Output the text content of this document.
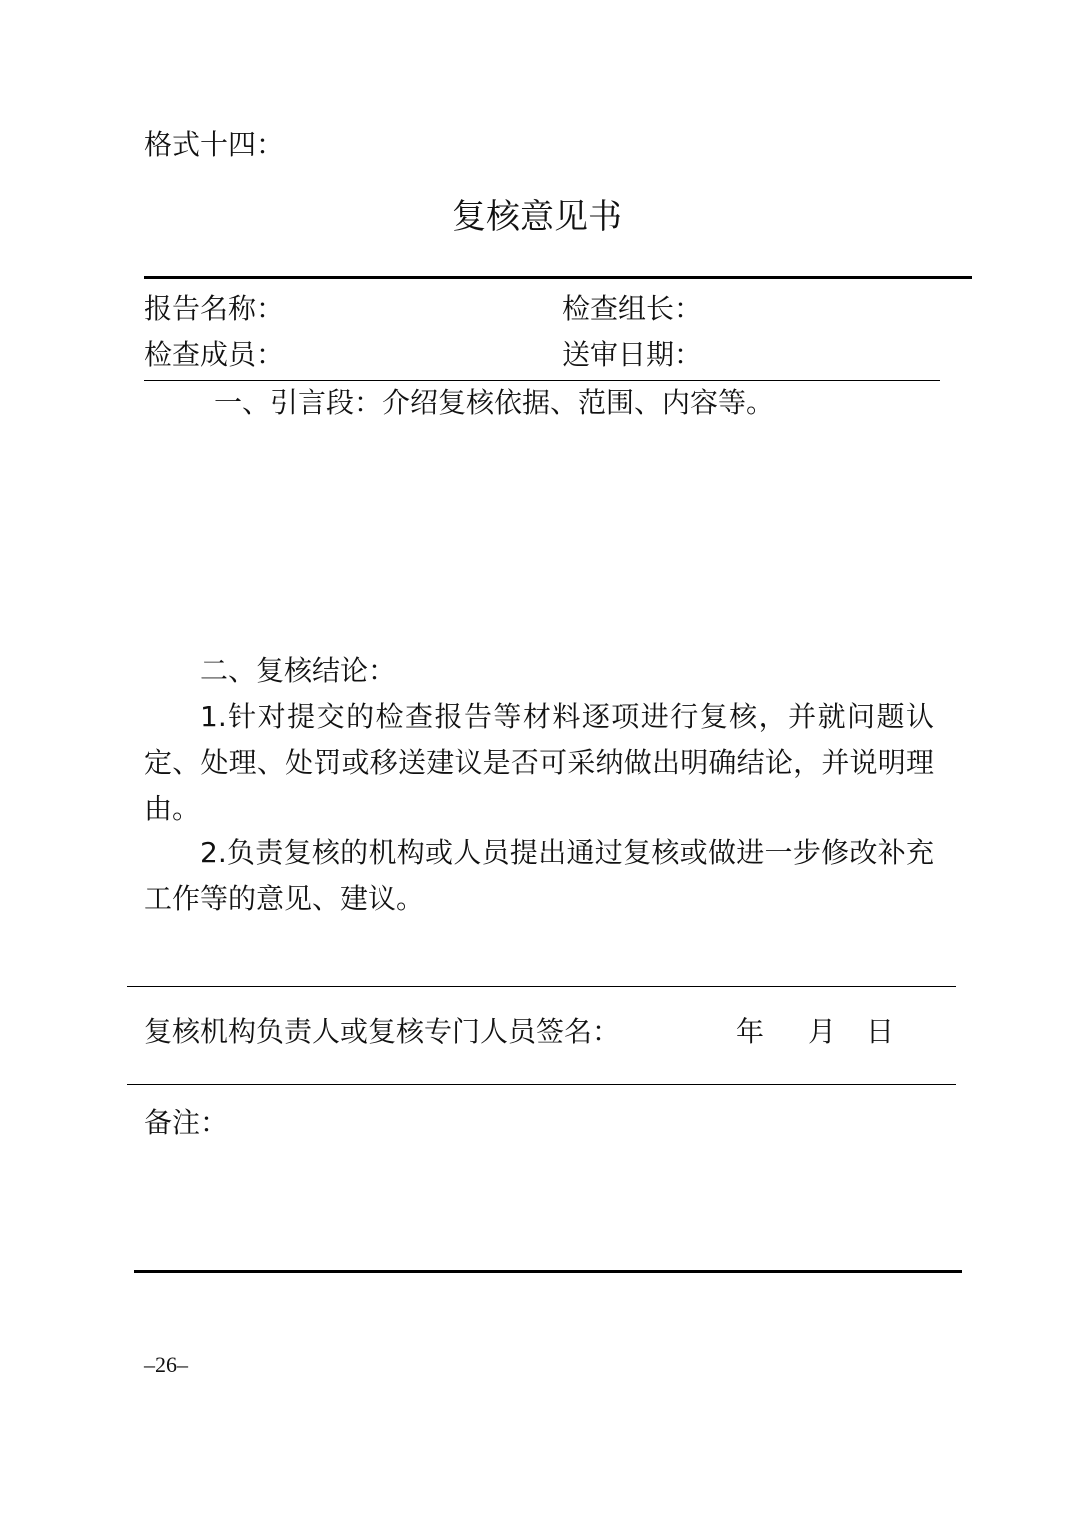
格式十四：
复核意见书
报告名称：	检查组长：
检查成员：	送审日期：
一、引言段：介绍复核依据、范围、内容等。
二、复核结论：
1.针对提交的检查报告等材料逐项进行复核，并就问题认定、处理、处罚或移送建议是否可采纳做出明确结论，并说明理由。
2.负责复核的机构或人员提出通过复核或做进一步修改补充工作等的意见、建议。
复核机构负责人或复核专门人员签名：	年 月 日
备注：
–26–
